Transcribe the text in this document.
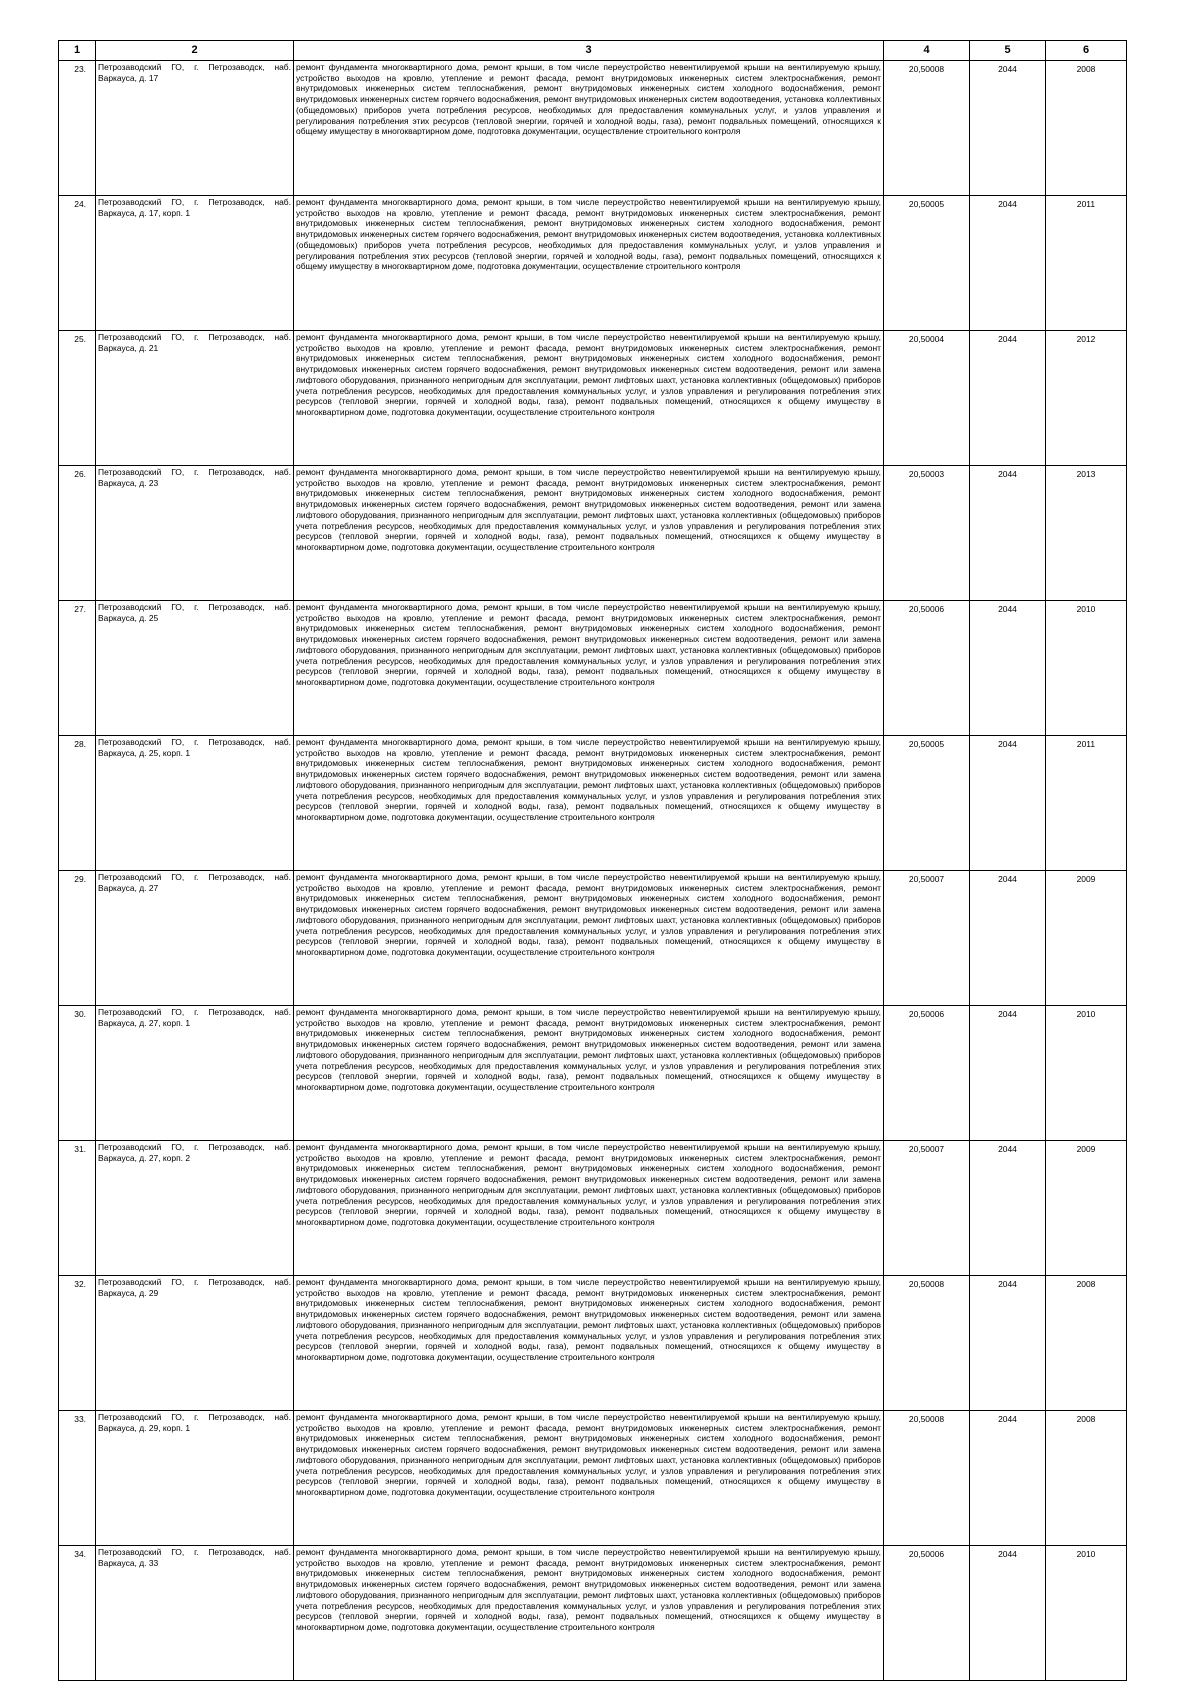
1	2	3	4	5	6
23.	Петрозаводский ГО, г. Петрозаводск, наб. Варкауса, д. 17	ремонт фундамента многоквартирного дома, ремонт крыши, в том числе переустройство невентилируемой крыши на вентилируемую крышу, устройство выходов на кровлю, утепление и ремонт фасада, ремонт внутридомовых инженерных систем электроснабжения, ремонт внутридомовых инженерных систем теплоснабжения, ремонт внутридомовых инженерных систем холодного водоснабжения, ремонт внутридомовых инженерных систем горячего водоснабжения, ремонт внутридомовых инженерных систем водоотведения, установка коллективных (общедомовых) приборов учета потребления ресурсов, необходимых для предоставления коммунальных услуг, и узлов управления и регулирования потребления этих ресурсов (тепловой энергии, горячей и холодной воды, газа), ремонт подвальных помещений, относящихся к общему имуществу в многоквартирном доме, подготовка документации, осуществление строительного контроля	20,50008	2044	2008
24.	Петрозаводский ГО, г. Петрозаводск, наб. Варкауса, д. 17, корп. 1	ремонт фундамента многоквартирного дома, ремонт крыши, в том числе переустройство невентилируемой крыши на вентилируемую крышу, устройство выходов на кровлю, утепление и ремонт фасада, ремонт внутридомовых инженерных систем электроснабжения, ремонт внутридомовых инженерных систем теплоснабжения, ремонт внутридомовых инженерных систем холодного водоснабжения, ремонт внутридомовых инженерных систем горячего водоснабжения, ремонт внутридомовых инженерных систем водоотведения, установка коллективных (общедомовых) приборов учета потребления ресурсов, необходимых для предоставления коммунальных услуг, и узлов управления и регулирования потребления этих ресурсов (тепловой энергии, горячей и холодной воды, газа), ремонт подвальных помещений, относящихся к общему имуществу в многоквартирном доме, подготовка документации, осуществление строительного контроля	20,50005	2044	2011
25.	Петрозаводский ГО, г. Петрозаводск, наб. Варкауса, д. 21	ремонт фундамента многоквартирного дома, ремонт крыши, в том числе переустройство невентилируемой крыши на вентилируемую крышу, устройство выходов на кровлю, утепление и ремонт фасада, ремонт внутридомовых инженерных систем электроснабжения, ремонт внутридомовых инженерных систем теплоснабжения, ремонт внутридомовых инженерных систем холодного водоснабжения, ремонт внутридомовых инженерных систем горячего водоснабжения, ремонт внутридомовых инженерных систем водоотведения, ремонт или замена лифтового оборудования, признанного непригодным для эксплуатации, ремонт лифтовых шахт, установка коллективных (общедомовых) приборов учета потребления ресурсов, необходимых для предоставления коммунальных услуг, и узлов управления и регулирования потребления этих ресурсов (тепловой энергии, горячей и холодной воды, газа), ремонт подвальных помещений, относящихся к общему имуществу в многоквартирном доме, подготовка документации, осуществление строительного контроля	20,50004	2044	2012
26.	Петрозаводский ГО, г. Петрозаводск, наб. Варкауса, д. 23	ремонт фундамента многоквартирного дома, ремонт крыши, в том числе переустройство невентилируемой крыши на вентилируемую крышу, устройство выходов на кровлю, утепление и ремонт фасада, ремонт внутридомовых инженерных систем электроснабжения, ремонт внутридомовых инженерных систем теплоснабжения, ремонт внутридомовых инженерных систем холодного водоснабжения, ремонт внутридомовых инженерных систем горячего водоснабжения, ремонт внутридомовых инженерных систем водоотведения, ремонт или замена лифтового оборудования, признанного непригодным для эксплуатации, ремонт лифтовых шахт, установка коллективных (общедомовых) приборов учета потребления ресурсов, необходимых для предоставления коммунальных услуг, и узлов управления и регулирования потребления этих ресурсов (тепловой энергии, горячей и холодной воды, газа), ремонт подвальных помещений, относящихся к общему имуществу в многоквартирном доме, подготовка документации, осуществление строительного контроля	20,50003	2044	2013
27.	Петрозаводский ГО, г. Петрозаводск, наб. Варкауса, д. 25	ремонт фундамента многоквартирного дома, ремонт крыши, в том числе переустройство невентилируемой крыши на вентилируемую крышу, устройство выходов на кровлю, утепление и ремонт фасада, ремонт внутридомовых инженерных систем электроснабжения, ремонт внутридомовых инженерных систем теплоснабжения, ремонт внутридомовых инженерных систем холодного водоснабжения, ремонт внутридомовых инженерных систем горячего водоснабжения, ремонт внутридомовых инженерных систем водоотведения, ремонт или замена лифтового оборудования, признанного непригодным для эксплуатации, ремонт лифтовых шахт, установка коллективных (общедомовых) приборов учета потребления ресурсов, необходимых для предоставления коммунальных услуг, и узлов управления и регулирования потребления этих ресурсов (тепловой энергии, горячей и холодной воды, газа), ремонт подвальных помещений, относящихся к общему имуществу в многоквартирном доме, подготовка документации, осуществление строительного контроля	20,50006	2044	2010
28.	Петрозаводский ГО, г. Петрозаводск, наб. Варкауса, д. 25, корп. 1	ремонт фундамента многоквартирного дома, ремонт крыши, в том числе переустройство невентилируемой крыши на вентилируемую крышу, устройство выходов на кровлю, утепление и ремонт фасада, ремонт внутридомовых инженерных систем электроснабжения, ремонт внутридомовых инженерных систем теплоснабжения, ремонт внутридомовых инженерных систем холодного водоснабжения, ремонт внутридомовых инженерных систем горячего водоснабжения, ремонт внутридомовых инженерных систем водоотведения, ремонт или замена лифтового оборудования, признанного непригодным для эксплуатации, ремонт лифтовых шахт, установка коллективных (общедомовых) приборов учета потребления ресурсов, необходимых для предоставления коммунальных услуг, и узлов управления и регулирования потребления этих ресурсов (тепловой энергии, горячей и холодной воды, газа), ремонт подвальных помещений, относящихся к общему имуществу в многоквартирном доме, подготовка документации, осуществление строительного контроля	20,50005	2044	2011
29.	Петрозаводский ГО, г. Петрозаводск, наб. Варкауса, д. 27	ремонт фундамента многоквартирного дома, ремонт крыши, в том числе переустройство невентилируемой крыши на вентилируемую крышу, устройство выходов на кровлю, утепление и ремонт фасада, ремонт внутридомовых инженерных систем электроснабжения, ремонт внутридомовых инженерных систем теплоснабжения, ремонт внутридомовых инженерных систем холодного водоснабжения, ремонт внутридомовых инженерных систем горячего водоснабжения, ремонт внутридомовых инженерных систем водоотведения, ремонт или замена лифтового оборудования, признанного непригодным для эксплуатации, ремонт лифтовых шахт, установка коллективных (общедомовых) приборов учета потребления ресурсов, необходимых для предоставления коммунальных услуг, и узлов управления и регулирования потребления этих ресурсов (тепловой энергии, горячей и холодной воды, газа), ремонт подвальных помещений, относящихся к общему имуществу в многоквартирном доме, подготовка документации, осуществление строительного контроля	20,50007	2044	2009
30.	Петрозаводский ГО, г. Петрозаводск, наб. Варкауса, д. 27, корп. 1	ремонт фундамента многоквартирного дома, ремонт крыши, в том числе переустройство невентилируемой крыши на вентилируемую крышу, устройство выходов на кровлю, утепление и ремонт фасада, ремонт внутридомовых инженерных систем электроснабжения, ремонт внутридомовых инженерных систем теплоснабжения, ремонт внутридомовых инженерных систем холодного водоснабжения, ремонт внутридомовых инженерных систем горячего водоснабжения, ремонт внутридомовых инженерных систем водоотведения, ремонт или замена лифтового оборудования, признанного непригодным для эксплуатации, ремонт лифтовых шахт, установка коллективных (общедомовых) приборов учета потребления ресурсов, необходимых для предоставления коммунальных услуг, и узлов управления и регулирования потребления этих ресурсов (тепловой энергии, горячей и холодной воды, газа), ремонт подвальных помещений, относящихся к общему имуществу в многоквартирном доме, подготовка документации, осуществление строительного контроля	20,50006	2044	2010
31.	Петрозаводский ГО, г. Петрозаводск, наб. Варкауса, д. 27, корп. 2	ремонт фундамента многоквартирного дома, ремонт крыши, в том числе переустройство невентилируемой крыши на вентилируемую крышу, устройство выходов на кровлю, утепление и ремонт фасада, ремонт внутридомовых инженерных систем электроснабжения, ремонт внутридомовых инженерных систем теплоснабжения, ремонт внутридомовых инженерных систем холодного водоснабжения, ремонт внутридомовых инженерных систем горячего водоснабжения, ремонт внутридомовых инженерных систем водоотведения, ремонт или замена лифтового оборудования, признанного непригодным для эксплуатации, ремонт лифтовых шахт, установка коллективных (общедомовых) приборов учета потребления ресурсов, необходимых для предоставления коммунальных услуг, и узлов управления и регулирования потребления этих ресурсов (тепловой энергии, горячей и холодной воды, газа), ремонт подвальных помещений, относящихся к общему имуществу в многоквартирном доме, подготовка документации, осуществление строительного контроля	20,50007	2044	2009
32.	Петрозаводский ГО, г. Петрозаводск, наб. Варкауса, д. 29	ремонт фундамента многоквартирного дома, ремонт крыши, в том числе переустройство невентилируемой крыши на вентилируемую крышу, устройство выходов на кровлю, утепление и ремонт фасада, ремонт внутридомовых инженерных систем электроснабжения, ремонт внутридомовых инженерных систем теплоснабжения, ремонт внутридомовых инженерных систем холодного водоснабжения, ремонт внутридомовых инженерных систем горячего водоснабжения, ремонт внутридомовых инженерных систем водоотведения, ремонт или замена лифтового оборудования, признанного непригодным для эксплуатации, ремонт лифтовых шахт, установка коллективных (общедомовых) приборов учета потребления ресурсов, необходимых для предоставления коммунальных услуг, и узлов управления и регулирования потребления этих ресурсов (тепловой энергии, горячей и холодной воды, газа), ремонт подвальных помещений, относящихся к общему имуществу в многоквартирном доме, подготовка документации, осуществление строительного контроля	20,50008	2044	2008
33.	Петрозаводский ГО, г. Петрозаводск, наб. Варкауса, д. 29, корп. 1	ремонт фундамента многоквартирного дома, ремонт крыши, в том числе переустройство невентилируемой крыши на вентилируемую крышу, устройство выходов на кровлю, утепление и ремонт фасада, ремонт внутридомовых инженерных систем электроснабжения, ремонт внутридомовых инженерных систем теплоснабжения, ремонт внутридомовых инженерных систем холодного водоснабжения, ремонт внутридомовых инженерных систем горячего водоснабжения, ремонт внутридомовых инженерных систем водоотведения, ремонт или замена лифтового оборудования, признанного непригодным для эксплуатации, ремонт лифтовых шахт, установка коллективных (общедомовых) приборов учета потребления ресурсов, необходимых для предоставления коммунальных услуг, и узлов управления и регулирования потребления этих ресурсов (тепловой энергии, горячей и холодной воды, газа), ремонт подвальных помещений, относящихся к общему имуществу в многоквартирном доме, подготовка документации, осуществление строительного контроля	20,50008	2044	2008
34.	Петрозаводский ГО, г. Петрозаводск, наб. Варкауса, д. 33	ремонт фундамента многоквартирного дома, ремонт крыши, в том числе переустройство невентилируемой крыши на вентилируемую крышу, устройство выходов на кровлю, утепление и ремонт фасада, ремонт внутридомовых инженерных систем электроснабжения, ремонт внутридомовых инженерных систем теплоснабжения, ремонт внутридомовых инженерных систем холодного водоснабжения, ремонт внутридомовых инженерных систем горячего водоснабжения, ремонт внутридомовых инженерных систем водоотведения, ремонт или замена лифтового оборудования, признанного непригодным для эксплуатации, ремонт лифтовых шахт, установка коллективных (общедомовых) приборов учета потребления ресурсов, необходимых для предоставления коммунальных услуг, и узлов управления и регулирования потребления этих ресурсов (тепловой энергии, горячей и холодной воды, газа), ремонт подвальных помещений, относящихся к общему имуществу в многоквартирном доме, подготовка документации, осуществление строительного контроля	20,50006	2044	2010
